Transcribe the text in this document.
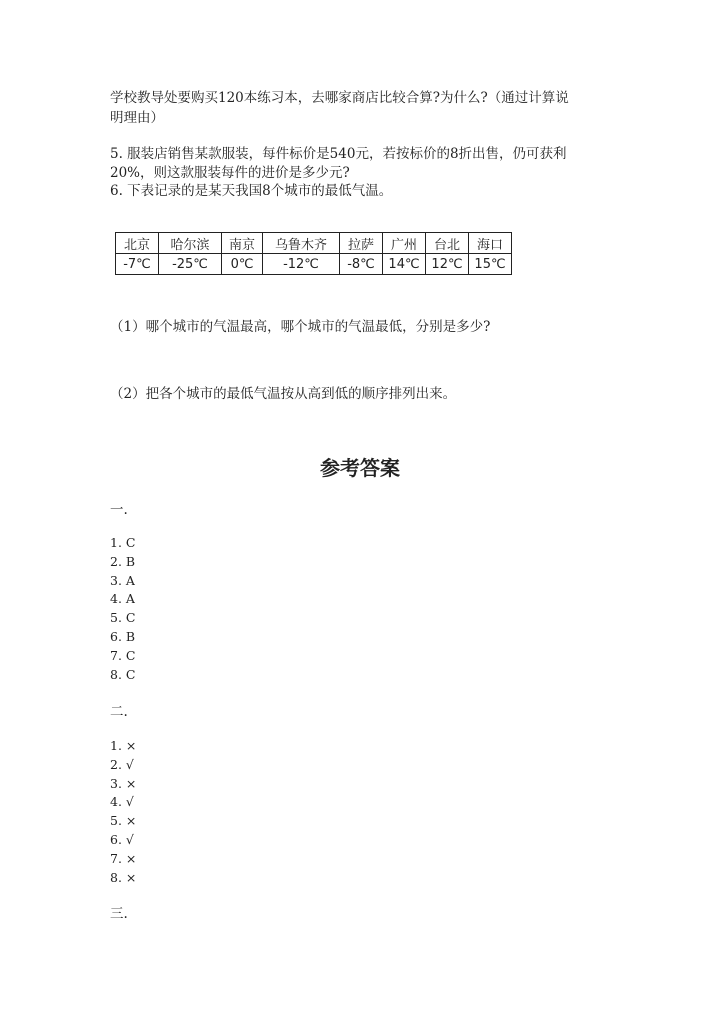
学校教导处要购买120本练习本，去哪家商店比较合算?为什么?（通过计算说
明理由）
5. 服装店销售某款服装，每件标价是540元，若按标价的8折出售，仍可获利
20%，则这款服装每件的进价是多少元?
6. 下表记录的是某天我国8个城市的最低气温。
北京	哈尔滨	南京	乌鲁木齐	拉萨	广州	台北	海口
-7℃	-25℃	0℃	-12℃	-8℃	14℃	12℃	15℃
（1）哪个城市的气温最高，哪个城市的气温最低，分别是多少?
（2）把各个城市的最低气温按从高到低的顺序排列出来。
参考答案
一.
1. C
2. B
3. A
4. A
5. C
6. B
7. C
8. C
二.
1. ×
2. √
3. ×
4. √
5. ×
6. √
7. ×
8. ×
三.
